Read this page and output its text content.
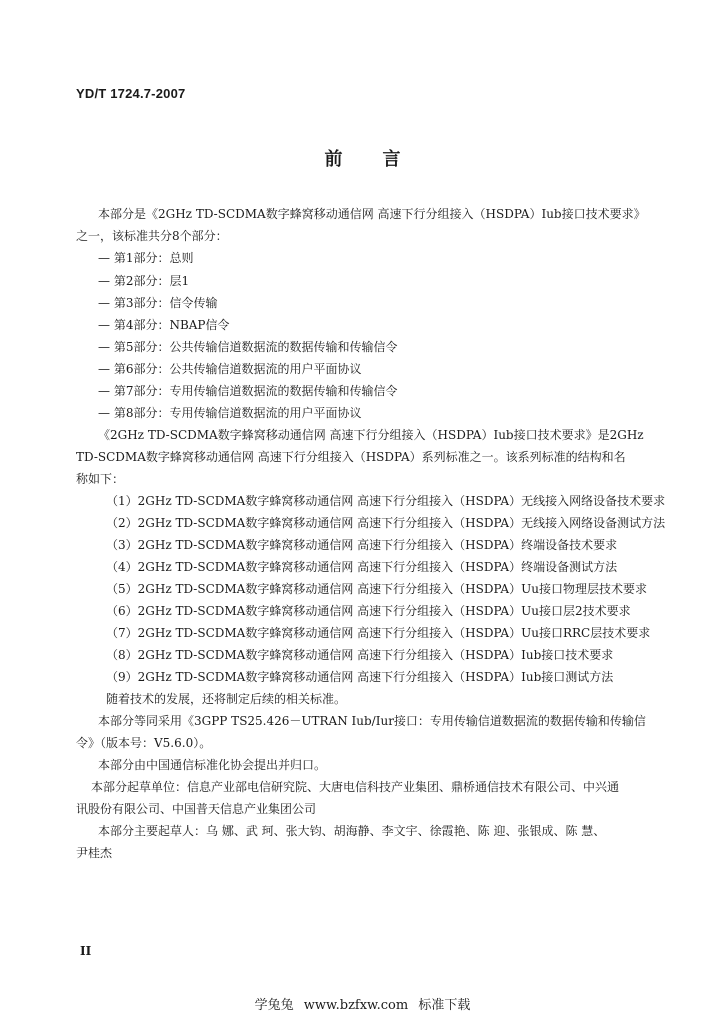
YD/T 1724.7-2007
前言
本部分是《2GHz TD-SCDMA数字蜂窝移动通信网 高速下行分组接入（HSDPA）Iub接口技术要求》
之一，该标准共分8个部分：
— 第1部分：总则
— 第2部分：层1
— 第3部分：信令传输
— 第4部分：NBAP信令
— 第5部分：公共传输信道数据流的数据传输和传输信令
— 第6部分：公共传输信道数据流的用户平面协议
— 第7部分：专用传输信道数据流的数据传输和传输信令
— 第8部分：专用传输信道数据流的用户平面协议
《2GHz TD-SCDMA数字蜂窝移动通信网 高速下行分组接入（HSDPA）Iub接口技术要求》是2GHz
TD-SCDMA数字蜂窝移动通信网 高速下行分组接入（HSDPA）系列标准之一。该系列标准的结构和名
称如下：
（1）2GHz TD-SCDMA数字蜂窝移动通信网 高速下行分组接入（HSDPA）无线接入网络设备技术要求
（2）2GHz TD-SCDMA数字蜂窝移动通信网 高速下行分组接入（HSDPA）无线接入网络设备测试方法
（3）2GHz TD-SCDMA数字蜂窝移动通信网 高速下行分组接入（HSDPA）终端设备技术要求
（4）2GHz TD-SCDMA数字蜂窝移动通信网 高速下行分组接入（HSDPA）终端设备测试方法
（5）2GHz TD-SCDMA数字蜂窝移动通信网 高速下行分组接入（HSDPA）Uu接口物理层技术要求
（6）2GHz TD-SCDMA数字蜂窝移动通信网 高速下行分组接入（HSDPA）Uu接口层2技术要求
（7）2GHz TD-SCDMA数字蜂窝移动通信网 高速下行分组接入（HSDPA）Uu接口RRC层技术要求
（8）2GHz TD-SCDMA数字蜂窝移动通信网 高速下行分组接入（HSDPA）Iub接口技术要求
（9）2GHz TD-SCDMA数字蜂窝移动通信网 高速下行分组接入（HSDPA）Iub接口测试方法
随着技术的发展，还将制定后续的相关标准。
本部分等同采用《3GPP TS25.426－UTRAN Iub/Iur接口：专用传输信道数据流的数据传输和传输信
令》（版本号：V5.6.0）。
本部分由中国通信标准化协会提出并归口。
本部分起草单位：信息产业部电信研究院、大唐电信科技产业集团、鼎桥通信技术有限公司、中兴通
讯股份有限公司、中国普天信息产业集团公司
本部分主要起草人：乌 娜、武 珂、张大钧、胡海静、李文宇、徐霞艳、陈 迎、张银成、陈 慧、
尹桂杰
II
学兔兔 www.bzfxw.com 标准下载
